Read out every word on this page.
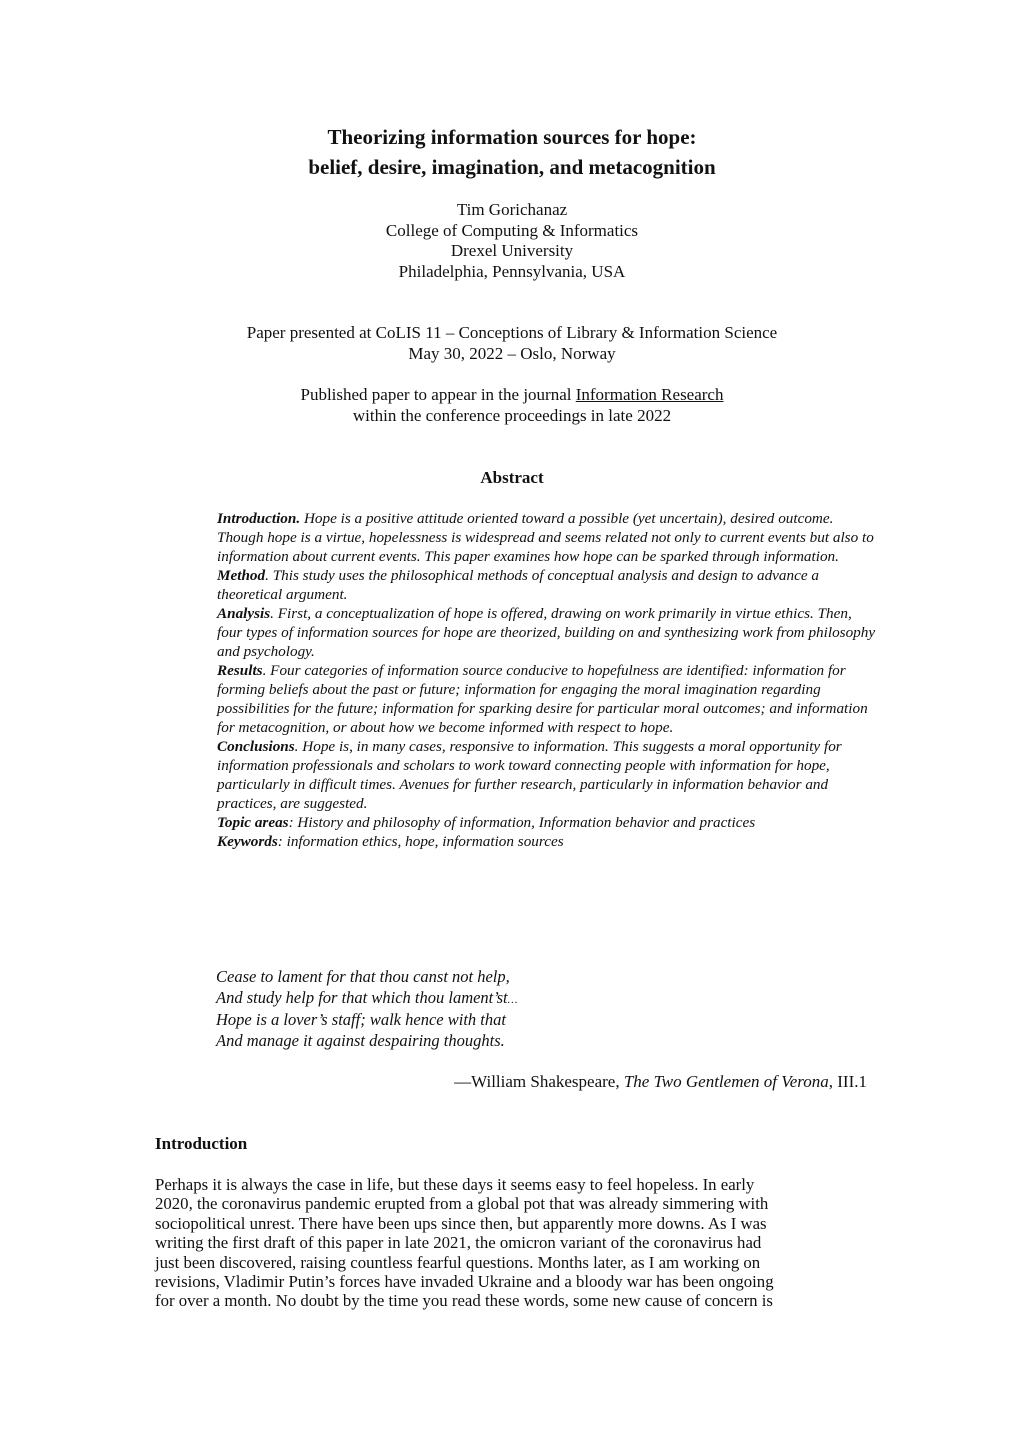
Theorizing information sources for hope:
belief, desire, imagination, and metacognition
Tim Gorichanaz
College of Computing & Informatics
Drexel University
Philadelphia, Pennsylvania, USA
Paper presented at CoLIS 11 – Conceptions of Library & Information Science
May 30, 2022 – Oslo, Norway
Published paper to appear in the journal Information Research
within the conference proceedings in late 2022
Abstract

Introduction. Hope is a positive attitude oriented toward a possible (yet uncertain), desired outcome. Though hope is a virtue, hopelessness is widespread and seems related not only to current events but also to information about current events. This paper examines how hope can be sparked through information.

Method. This study uses the philosophical methods of conceptual analysis and design to advance a theoretical argument.

Analysis. First, a conceptualization of hope is offered, drawing on work primarily in virtue ethics. Then, four types of information sources for hope are theorized, building on and synthesizing work from philosophy and psychology.

Results. Four categories of information source conducive to hopefulness are identified: information for forming beliefs about the past or future; information for engaging the moral imagination regarding possibilities for the future; information for sparking desire for particular moral outcomes; and information for metacognition, or about how we become informed with respect to hope.

Conclusions. Hope is, in many cases, responsive to information. This suggests a moral opportunity for information professionals and scholars to work toward connecting people with information for hope, particularly in difficult times. Avenues for further research, particularly in information behavior and practices, are suggested.

Topic areas: History and philosophy of information, Information behavior and practices

Keywords: information ethics, hope, information sources

Cease to lament for that thou canst not help,
And study help for that which thou lament’st…
Hope is a lover’s staff; walk hence with that
And manage it against despairing thoughts.
—William Shakespeare, The Two Gentlemen of Verona, III.1
Introduction
Perhaps it is always the case in life, but these days it seems easy to feel hopeless. In early
2020, the coronavirus pandemic erupted from a global pot that was already simmering with
sociopolitical unrest. There have been ups since then, but apparently more downs. As I was
writing the first draft of this paper in late 2021, the omicron variant of the coronavirus had
just been discovered, raising countless fearful questions. Months later, as I am working on
revisions, Vladimir Putin’s forces have invaded Ukraine and a bloody war has been ongoing
for over a month. No doubt by the time you read these words, some new cause of concern is
